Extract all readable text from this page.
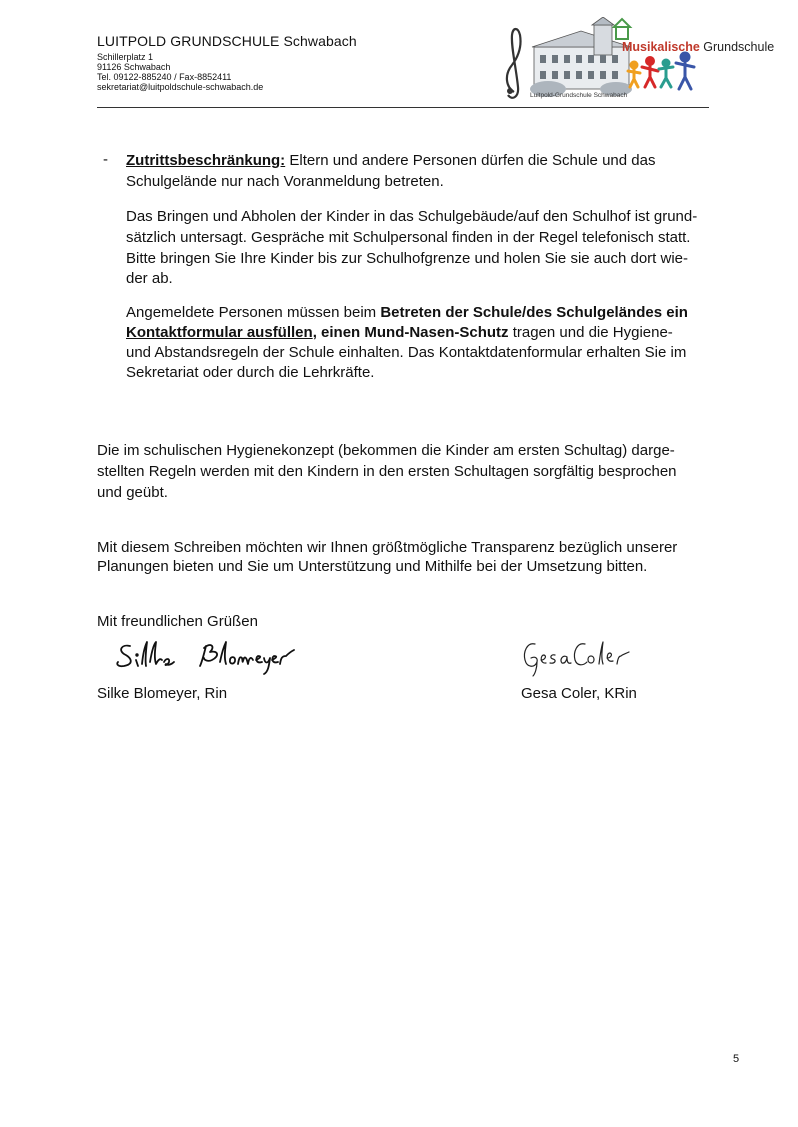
LUITPOLD GRUNDSCHULE Schwabach
Schillerplatz 1
91126 Schwabach
Tel. 09122-885240 / Fax-8852411
sekretariat@luitpoldschule-schwabach.de
Musikalische Grundschule
Luitpold-Grundschule Schwabach
- Zutrittsbeschränkung: Eltern und andere Personen dürfen die Schule und das
Schulgelände nur nach Voranmeldung betreten.
Das Bringen und Abholen der Kinder in das Schulgebäude/auf den Schulhof ist grund-
sätzlich untersagt. Gespräche mit Schulpersonal finden in der Regel telefonisch statt.
Bitte bringen Sie Ihre Kinder bis zur Schulhofgrenze und holen Sie sie auch dort wie-
der ab.
Angemeldete Personen müssen beim Betreten der Schule/des Schulgeländes ein
Kontaktformular ausfüllen, einen Mund-Nasen-Schutz tragen und die Hygiene-
und Abstandsregeln der Schule einhalten. Das Kontaktdatenformular erhalten Sie im
Sekretariat oder durch die Lehrkräfte.
Die im schulischen Hygienekonzept (bekommen die Kinder am ersten Schultag) darge-
stellten Regeln werden mit den Kindern in den ersten Schultagen sorgfältig besprochen
und geübt.
Mit diesem Schreiben möchten wir Ihnen größtmögliche Transparenz bezüglich unserer
Planungen bieten und Sie um Unterstützung und Mithilfe bei der Umsetzung bitten.
Mit freundlichen Grüßen
Silke Blomeyer, Rin	Gesa Coler, KRin
5
